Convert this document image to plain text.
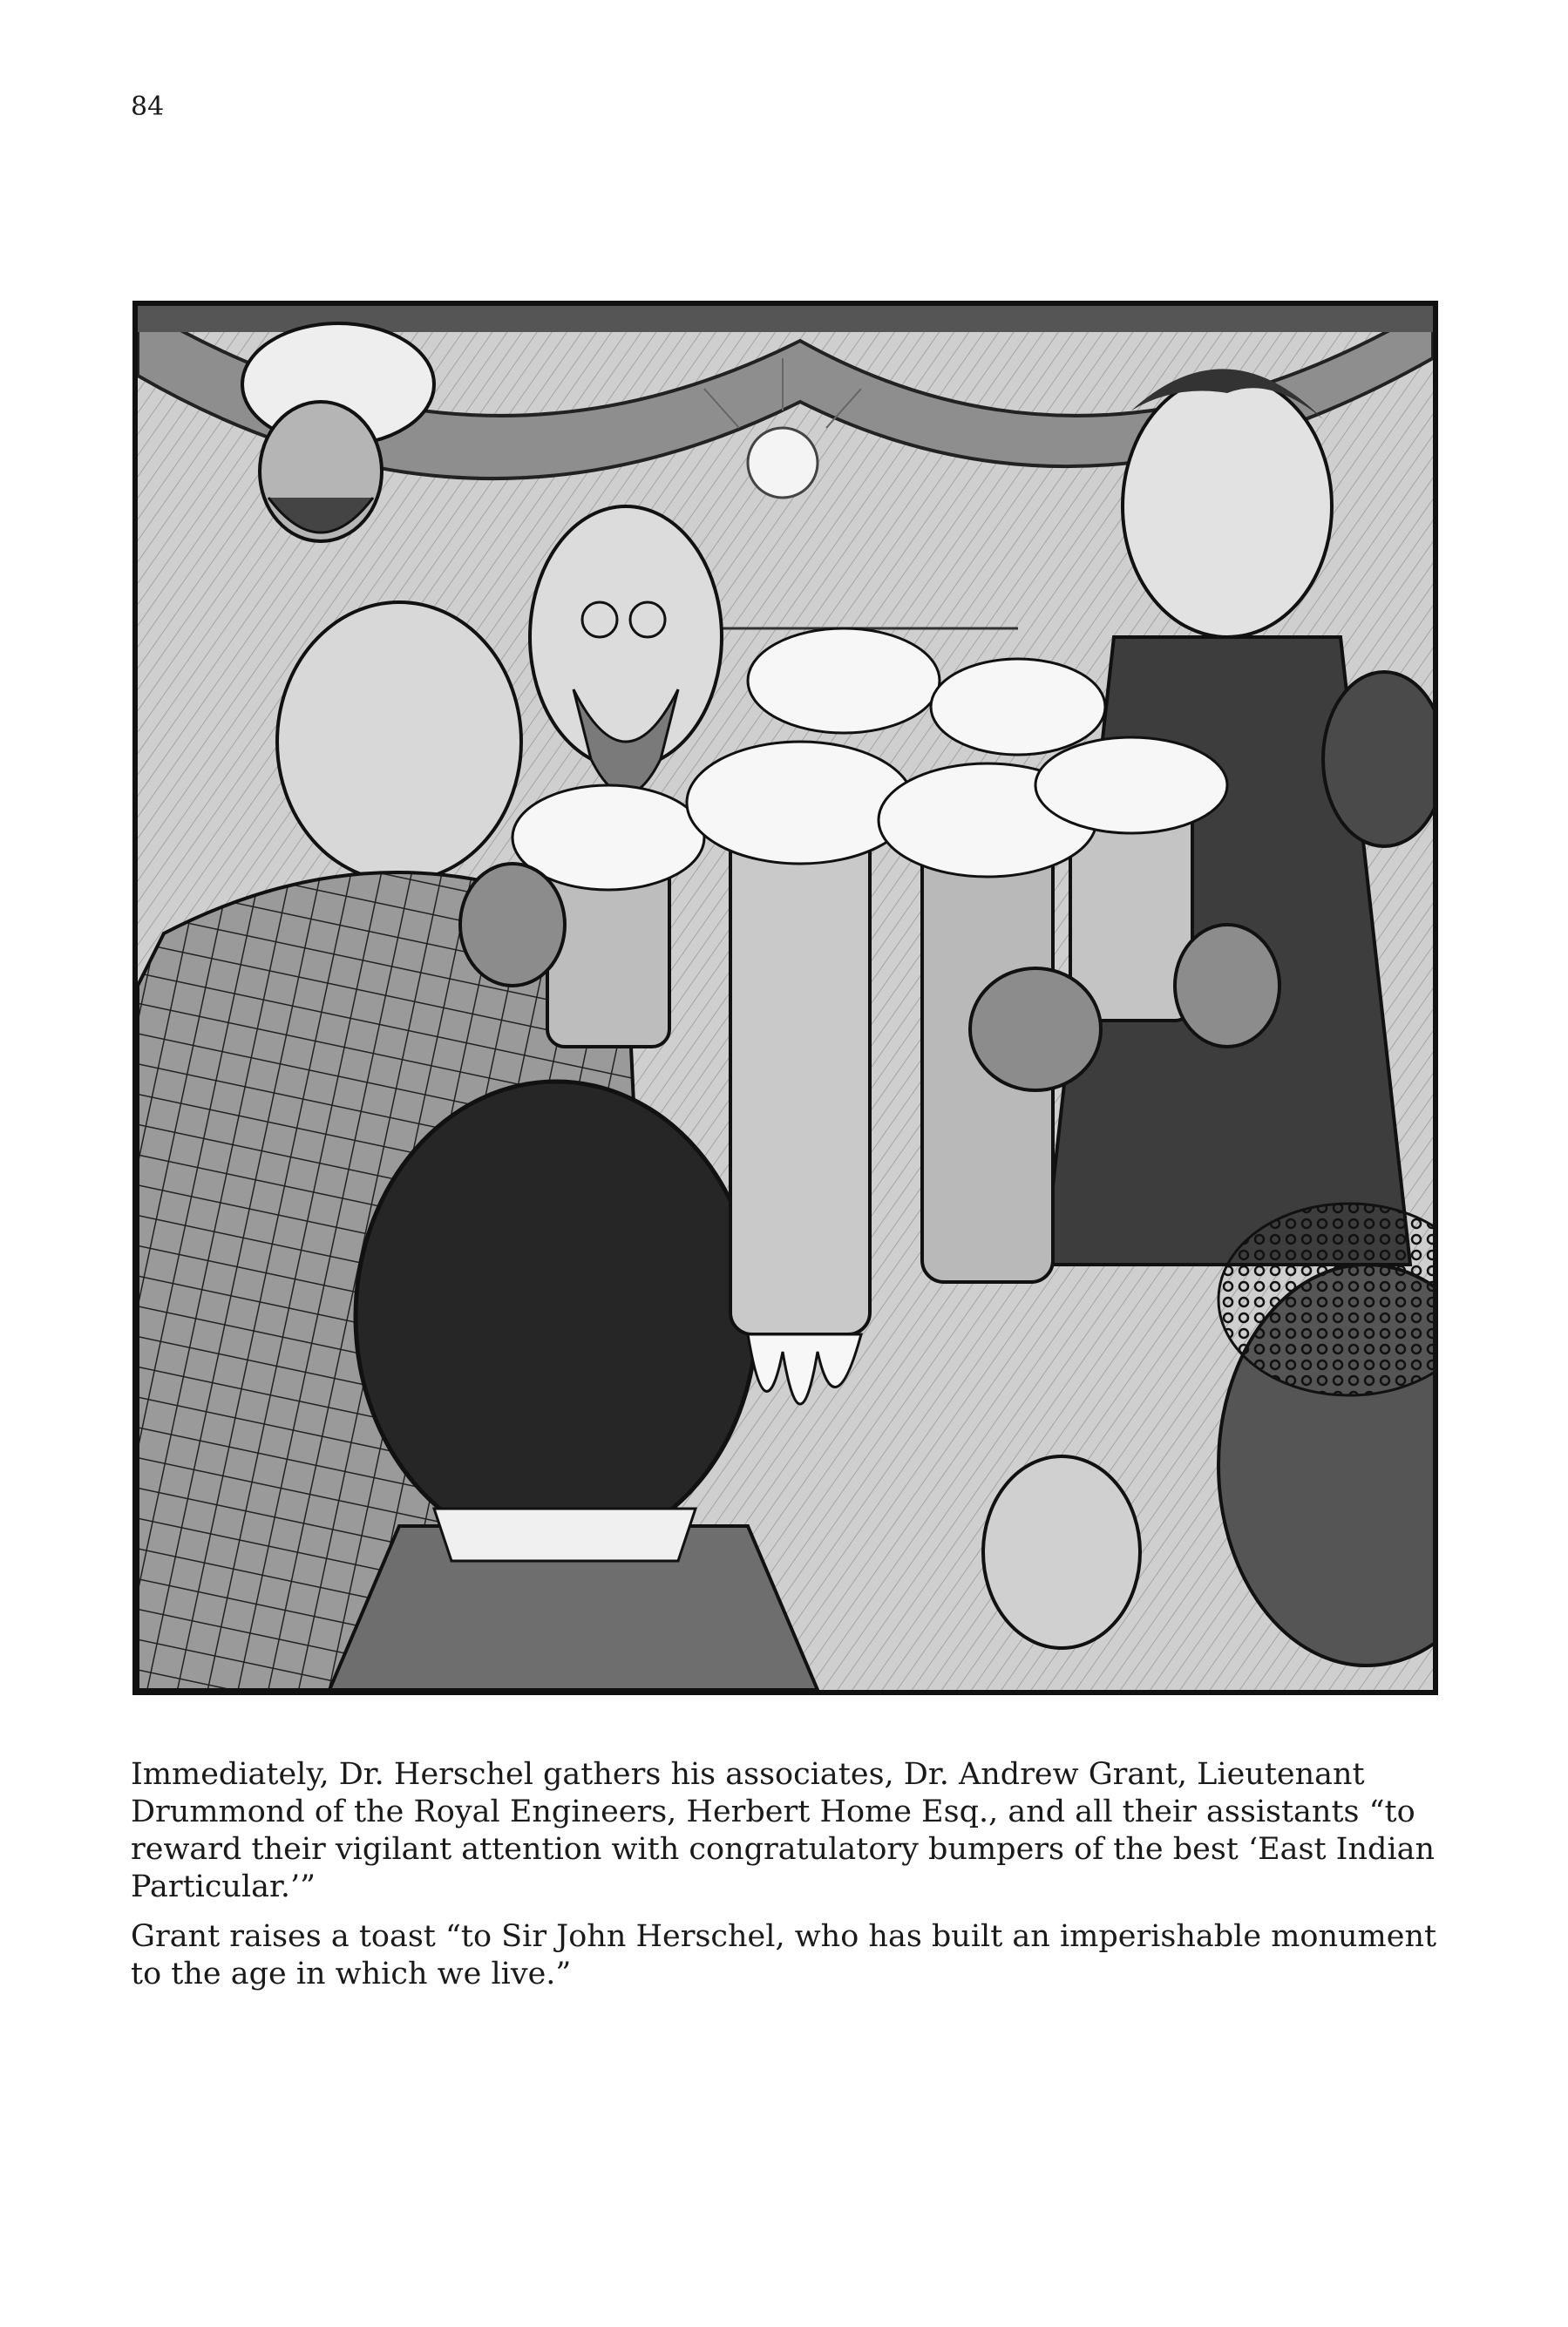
84

Immediately, Dr. Herschel gathers his associates, Dr. Andrew Grant, Lieutenant Drummond of the Royal Engineers, Herbert Home Esq., and all their assistants “to reward their vigilant attention with congratulatory bumpers of the best ‘East Indian Particular.’”

Grant raises a toast “to Sir John Herschel, who has built an imperishable monument to the age in which we live.”
